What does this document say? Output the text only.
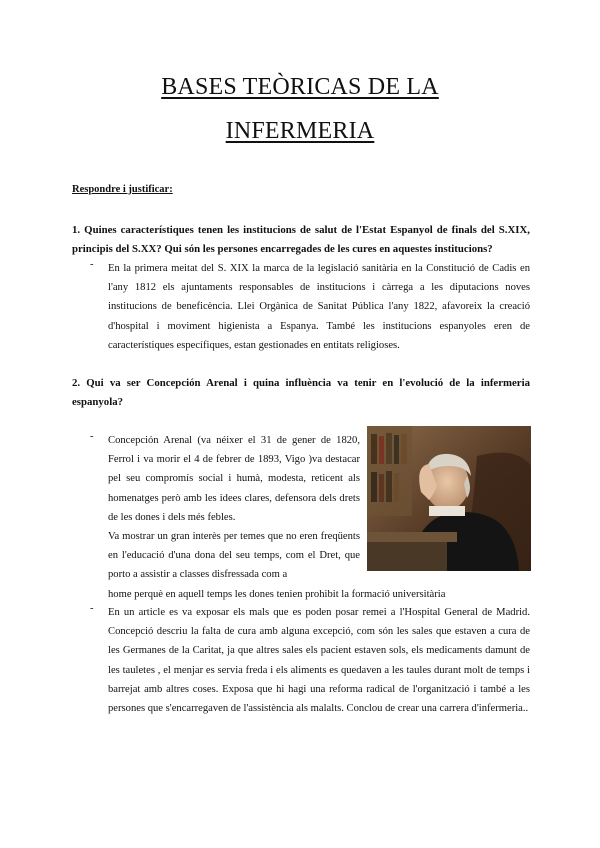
BASES TEÒRICAS DE LA
INFERMERIA

Respondre i justificar:

1. Quines característiques tenen les institucions de salut de l'Estat Espanyol de finals del S.XIX, principis del S.XX? Qui són les persones encarregades de les cures en aquestes institucions?

- En la primera meitat del S. XIX la marca de la legislació sanitària en la Constitució de Cadis en l'any 1812 els ajuntaments responsables de institucions i càrrega a les diputacions noves institucions de beneficència. Llei Orgànica de Sanitat Pública l'any 1822, afavoreix la creació d'hospital i moviment higienista a Espanya. També les institucions espanyoles eren de característiques específiques, estan gestionades en entitats religioses.

2. Qui va ser Concepción Arenal i quina influència va tenir en l'evolució de la infermeria espanyola?

- Concepción Arenal (va néixer el 31 de gener de 1820, Ferrol i va morir el 4 de febrer de 1893, Vigo )va destacar pel seu compromís social i humà, modesta, reticent als homenatges però amb les idees clares, defensora dels drets de les dones i dels més febles.

Va mostrar un gran interès per temes que no eren freqüents en l'educació d'una dona del seu temps, com el Dret, que porto a assistir a classes disfressada com a

home perquè en aquell temps les dones tenien prohibit la formació universitària

- En un article es va exposar els mals que es poden posar remei a l'Hospital General de Madrid. Concepció descriu la falta de cura amb alguna excepció, com són les sales que estaven a cura de les Germanes de la Caritat, ja que altres sales els pacient estaven sols, els medicaments damunt de les tauletes , el menjar es servia freda i els aliments es quedaven a les taules durant molt de temps i barrejat amb altres coses. Exposa que hi hagi una reforma radical de l'organització i també a les persones que s'encarregaven de l'assistència als malalts. Conclou de crear una carrera d'infermeria..
